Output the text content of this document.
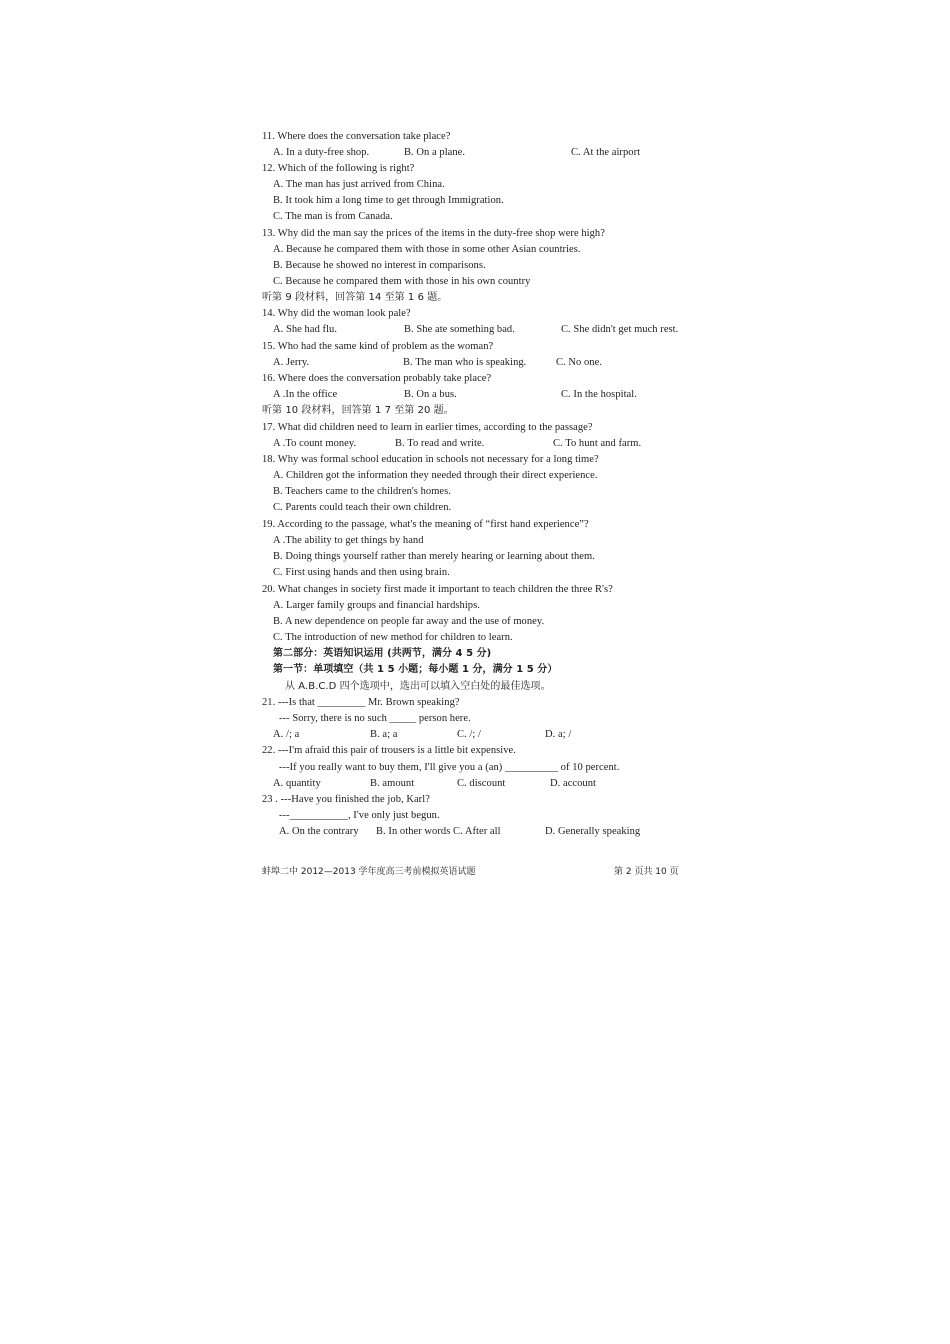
11. Where does the conversation take place?
A. In a duty-free shop.	B. On a plane.	C. At the airport
12. Which of the following is right?
A. The man has just arrived from China.
B. It took him a long time to get through Immigration.
C. The man is from Canada.
13. Why did the man say the prices of the items in the duty-free shop were high?
A. Because he compared them with those in some other Asian countries.
B. Because he showed no interest in comparisons.
C. Because he compared them with those in his own country
听第 9 段材料，回答第 14 至第 1 6 题。
14. Why did the woman look pale?
A. She had flu.	B. She ate something bad.	C. She didn't get much rest.
15. Who had the same kind of problem as the woman?
A. Jerry.	B. The man who is speaking.	C. No one.
16. Where does the conversation probably take place?
A .In the office	B. On a bus.	C. In the hospital.
听第 10 段材料，回答第 1 7 至第 20 题。
17. What did children need to learn in earlier times, according to the passage?
A .To count money.	B. To read and write.	C. To hunt and farm.
18. Why was formal school education in schools not necessary for a long time?
A. Children got the information they needed through their direct experience.
B. Teachers came to the children's homes.
C. Parents could teach their own children.
19. According to the passage, what's the meaning of “first hand experience”?
A .The ability to get things by hand
B. Doing things yourself rather than merely hearing or learning about them.
C. First using hands and then using brain.
20. What changes in society first made it important to teach children the three R's?
A. Larger family groups and financial hardships.
B. A new dependence on people far away and the use of money.
C. The introduction of new method for children to learn.
第二部分：英语知识运用 (共两节，满分 4 5 分)
第一节：单项填空（共 1 5 小题；每小题 1 分，满分 1 5 分）
从 A.B.C.D 四个选项中，选出可以填入空白处的最佳选项。
21. ---Is that _________ Mr. Brown speaking?
--- Sorry, there is no such _____ person here.
A. /; a	B. a; a	C. /; /	D. a; /
22. ---I'm afraid this pair of trousers is a little bit expensive.
---If you really want to buy them, I'll give you a (an) __________ of 10 percent.
A. quantity	B. amount	C. discount	D. account
23 . ---Have you finished the job, Karl?
---___________, I've only just begun.
A. On the contrary B. In other words C. After all	D. Generally speaking
蚌埠二中 2012—2013 学年度高三考前模拟英语试题	第 2 页共 10 页
